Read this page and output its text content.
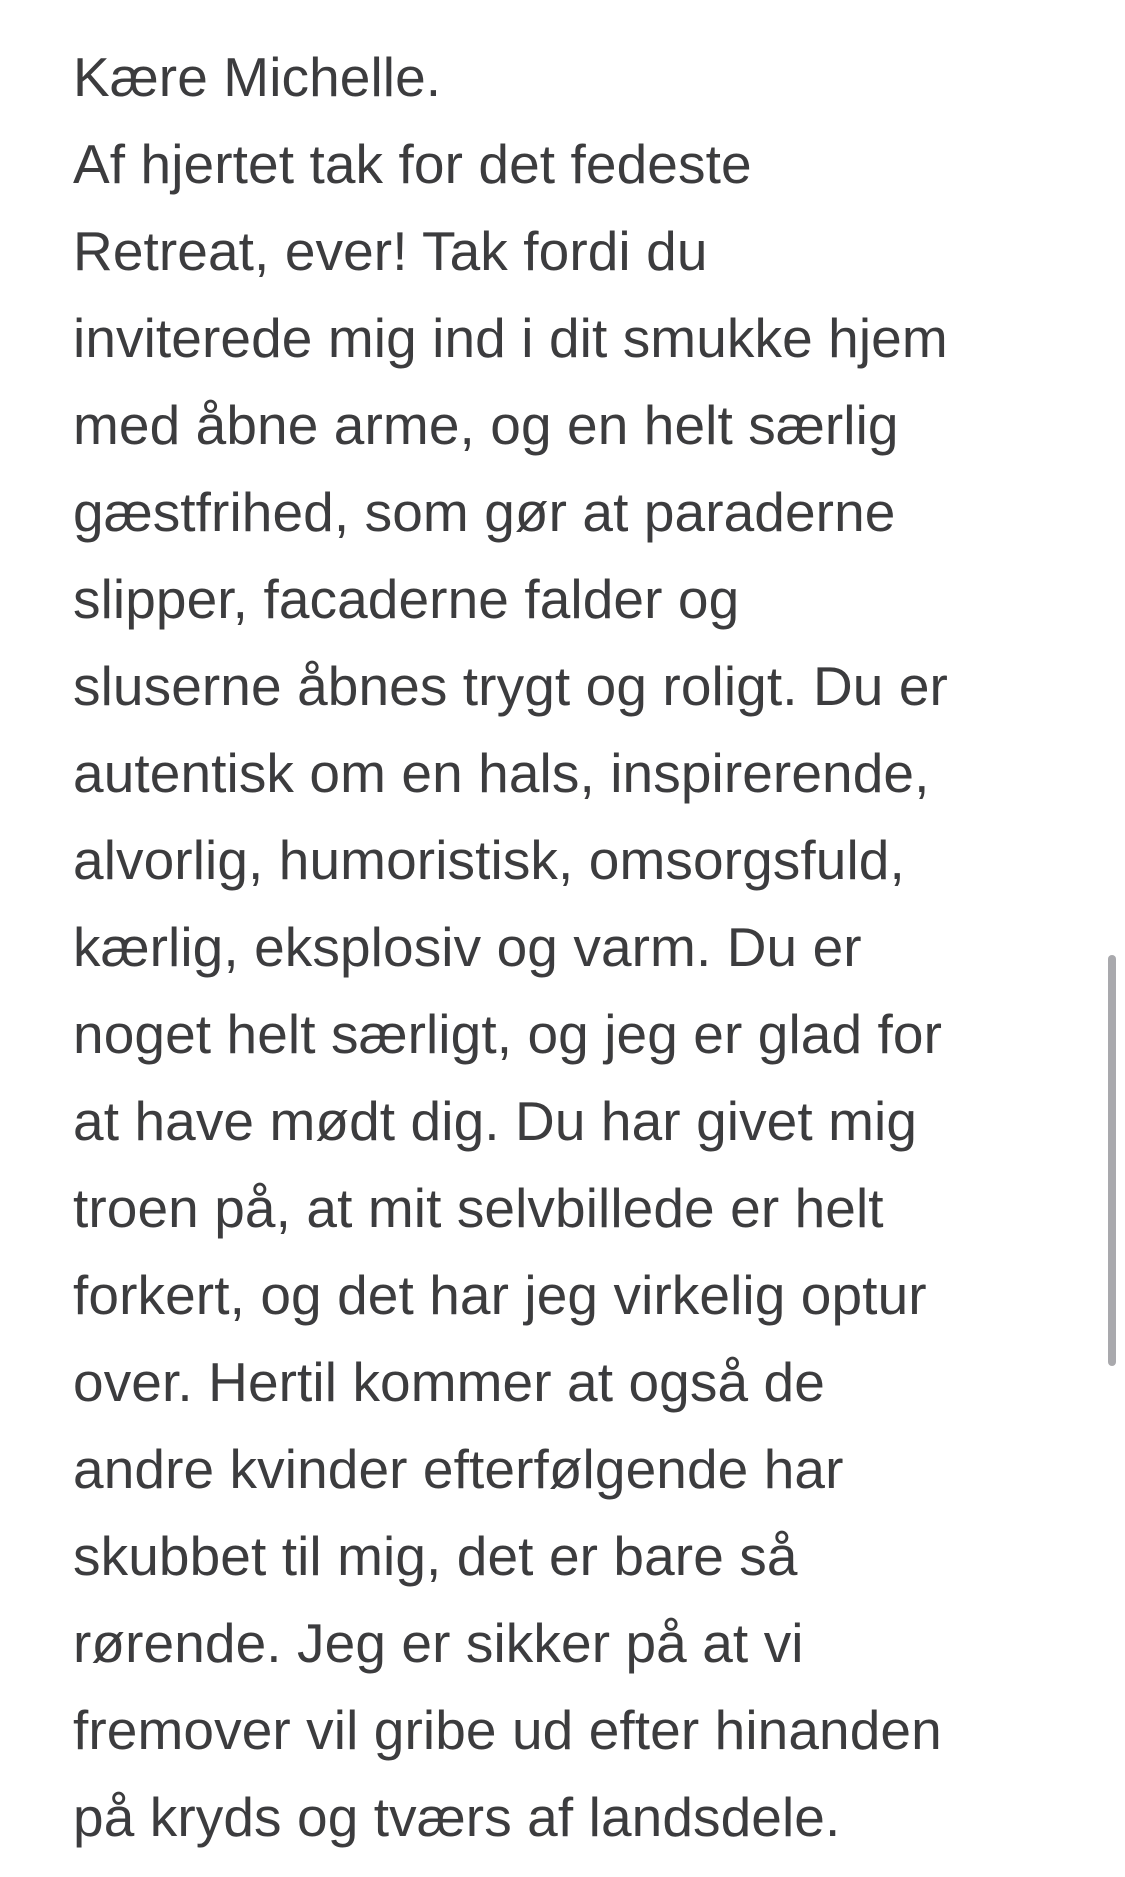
Kære Michelle.
Af hjertet tak for det fedeste
Retreat, ever! Tak fordi du
inviterede mig ind i dit smukke hjem
med åbne arme, og en helt særlig
gæstfrihed, som gør at paraderne
slipper, facaderne falder og
sluserne åbnes trygt og roligt. Du er
autentisk om en hals, inspirerende,
alvorlig, humoristisk, omsorgsfuld,
kærlig, eksplosiv og varm. Du er
noget helt særligt, og jeg er glad for
at have mødt dig. Du har givet mig
troen på, at mit selvbillede er helt
forkert, og det har jeg virkelig optur
over. Hertil kommer at også de
andre kvinder efterfølgende har
skubbet til mig, det er bare så
rørende. Jeg er sikker på at vi
fremover vil gribe ud efter hinanden
på kryds og tværs af landsdele.
